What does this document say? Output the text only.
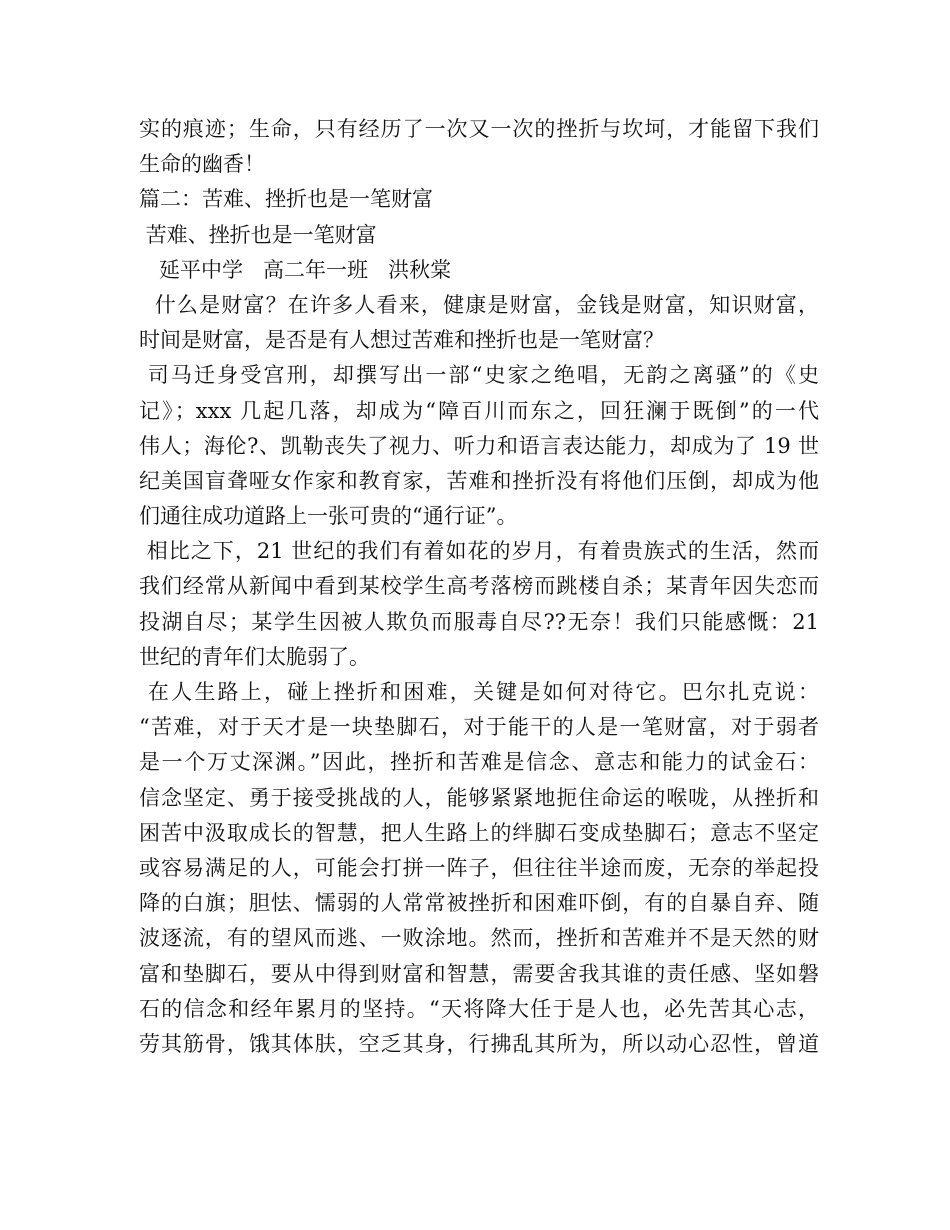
实的痕迹；生命，只有经历了一次又一次的挫折与坎坷，才能留下我们
生命的幽香！
篇二：苦难、挫折也是一笔财富
苦难、挫折也是一笔财富
延平中学   高二年一班   洪秋棠
什么是财富？在许多人看来，健康是财富，金钱是财富，知识财富，
时间是财富，是否是有人想过苦难和挫折也是一笔财富？
司马迁身受宫刑，却撰写出一部“史家之绝唱，无韵之离骚”的《史
记》；xxx 几起几落，却成为“障百川而东之，回狂澜于既倒”的一代
伟人；海伦?、凯勒丧失了视力、听力和语言表达能力，却成为了 19 世
纪美国盲聋哑女作家和教育家，苦难和挫折没有将他们压倒，却成为他
们通往成功道路上一张可贵的“通行证”。
相比之下，21 世纪的我们有着如花的岁月，有着贵族式的生活，然而
我们经常从新闻中看到某校学生高考落榜而跳楼自杀；某青年因失恋而
投湖自尽；某学生因被人欺负而服毒自尽??无奈！我们只能感慨：21
世纪的青年们太脆弱了。
在人生路上，碰上挫折和困难，关键是如何对待它。巴尔扎克说：
“苦难，对于天才是一块垫脚石，对于能干的人是一笔财富，对于弱者
是一个万丈深渊。”因此，挫折和苦难是信念、意志和能力的试金石：
信念坚定、勇于接受挑战的人，能够紧紧地扼住命运的喉咙，从挫折和
困苦中汲取成长的智慧，把人生路上的绊脚石变成垫脚石；意志不坚定
或容易满足的人，可能会打拼一阵子，但往往半途而废，无奈的举起投
降的白旗；胆怯、懦弱的人常常被挫折和困难吓倒，有的自暴自弃、随
波逐流，有的望风而逃、一败涂地。然而，挫折和苦难并不是天然的财
富和垫脚石，要从中得到财富和智慧，需要舍我其谁的责任感、坚如磐
石的信念和经年累月的坚持。“天将降大任于是人也，必先苦其心志，
劳其筋骨，饿其体肤，空乏其身，行拂乱其所为，所以动心忍性，曾道
